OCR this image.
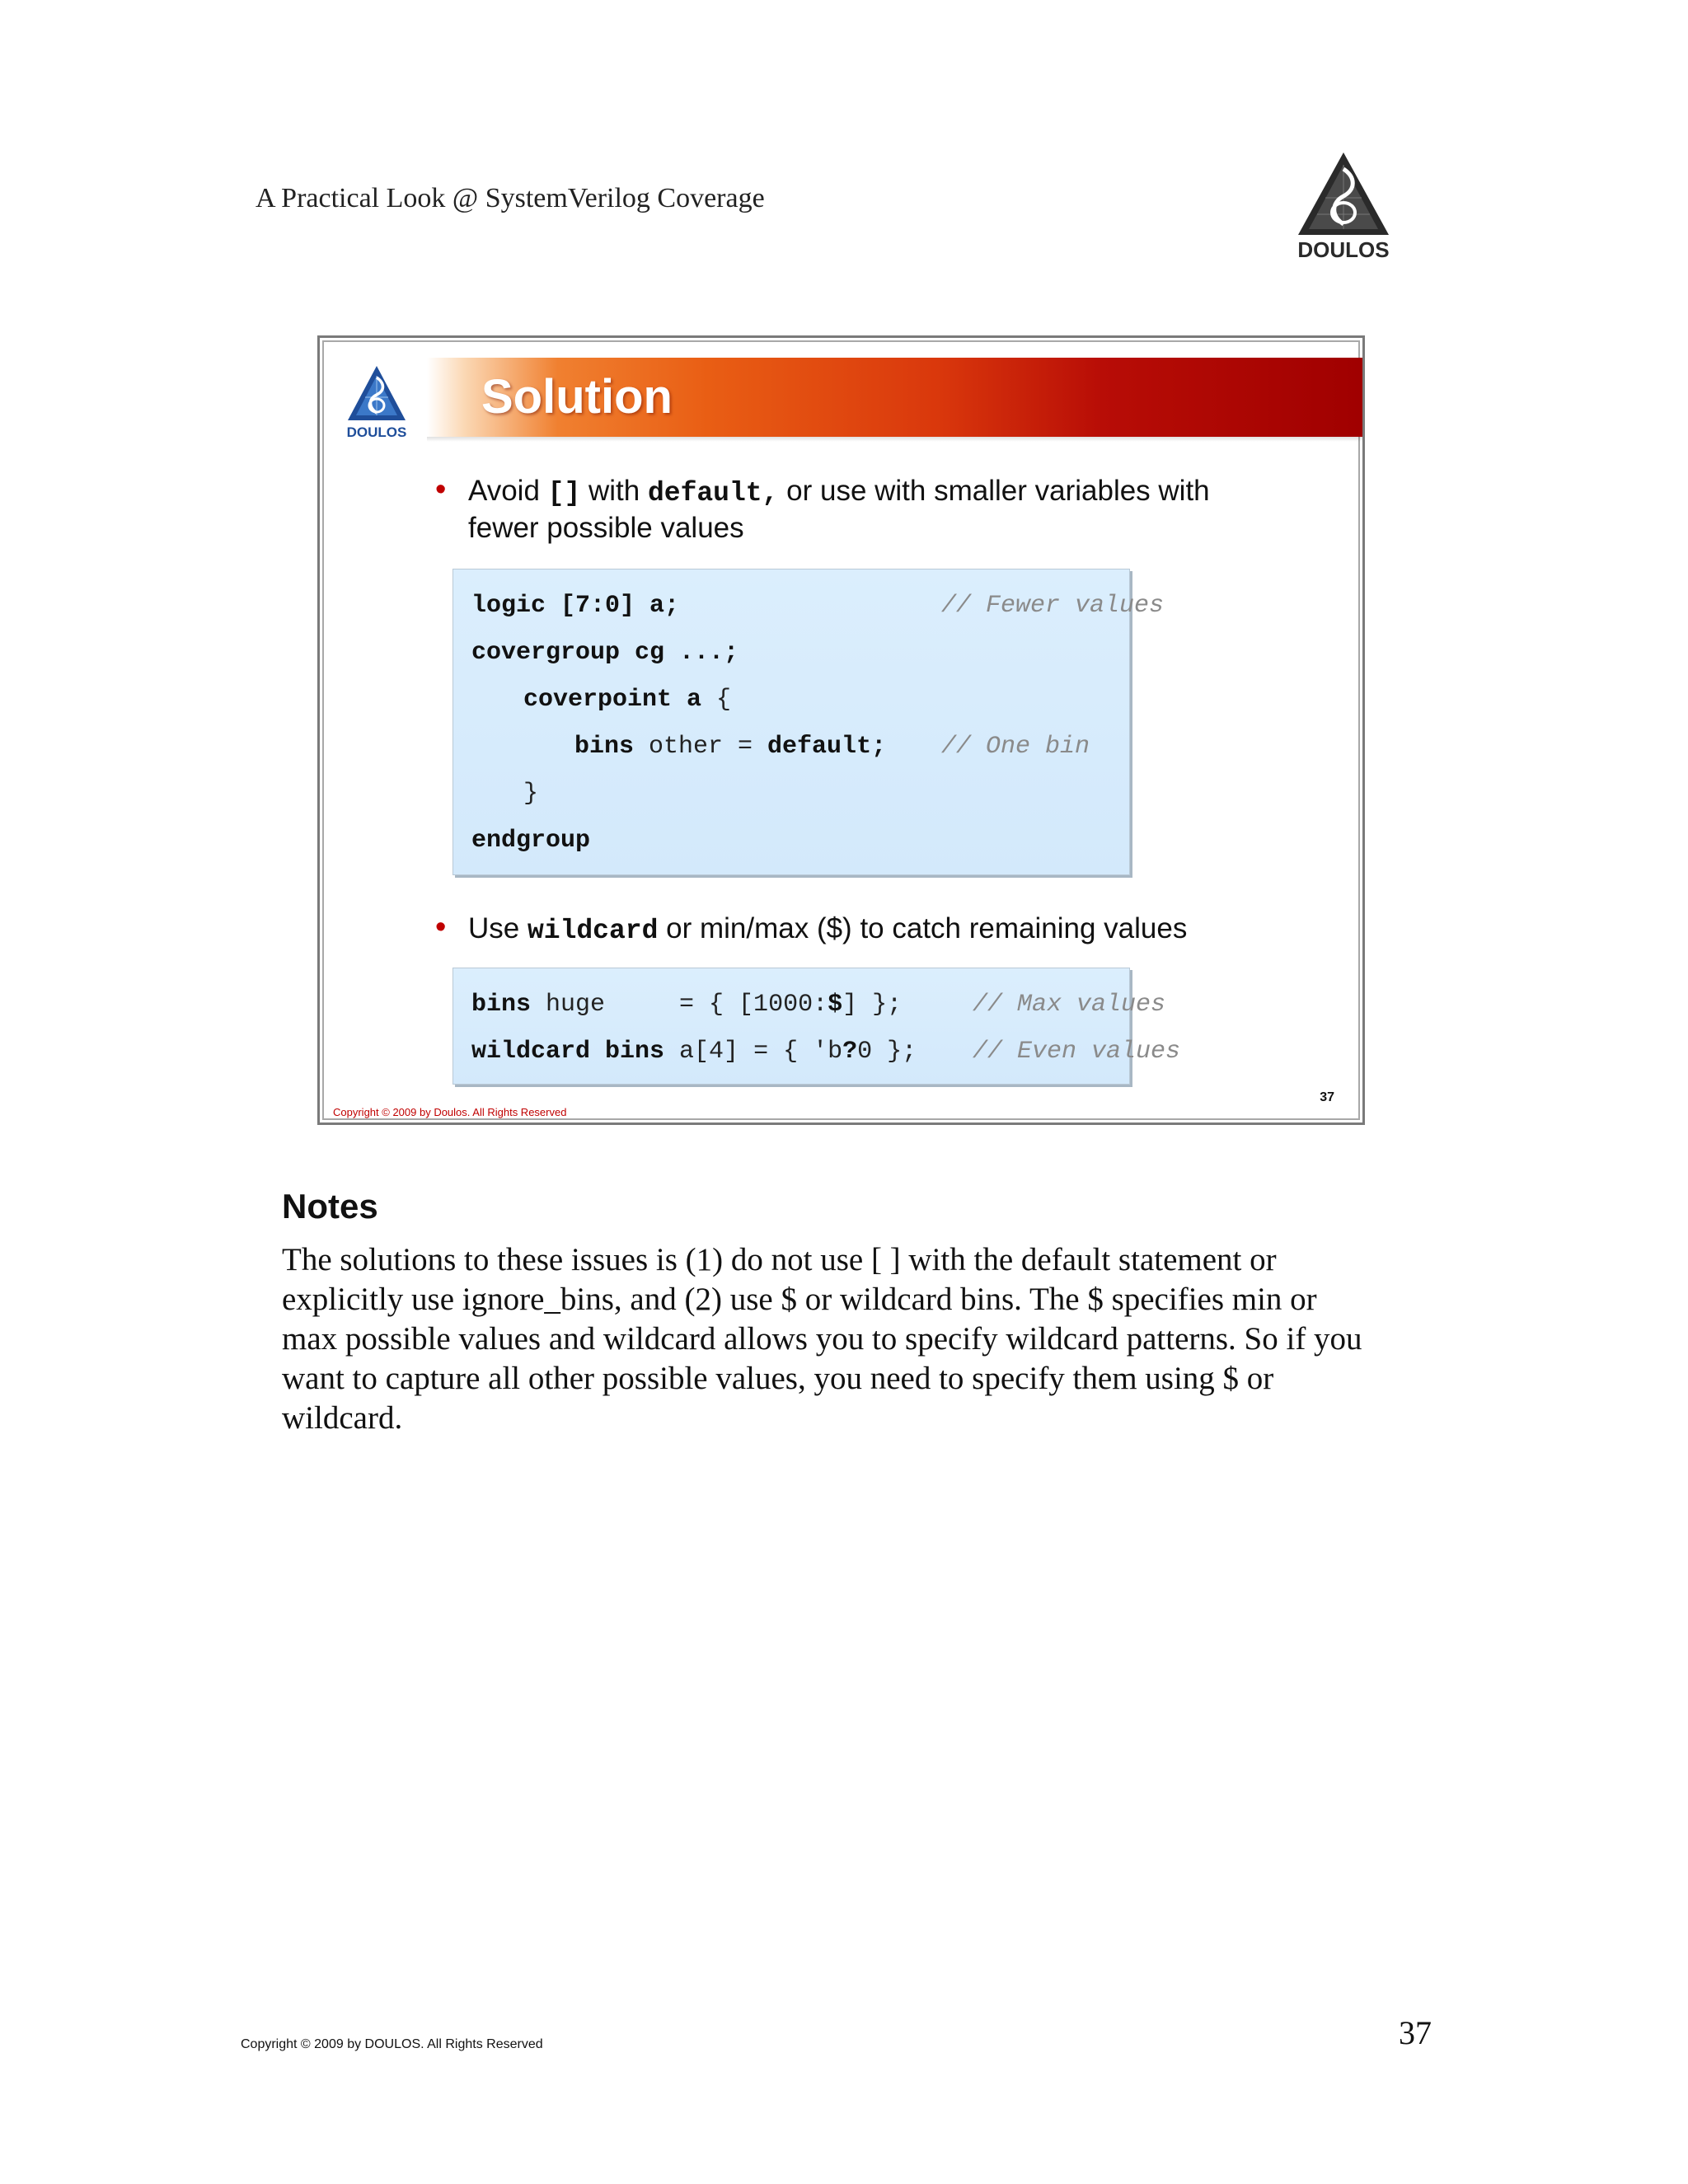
A Practical Look @ SystemVerilog Coverage
DOULOS
DOULOS
Solution
• Avoid [] with default, or use with smaller variables with
fewer possible values
logic [7:0] a;	// Fewer values
covergroup cg ...;
coverpoint a {
bins other = default; // One bin
}
endgroup
• Use wildcard or min/max ($) to catch remaining values
bins huge     = { [1000:$] };	// Max values
wildcard bins a[4] = { 'b?0 }; // Even values
37
Copyright © 2009 by Doulos. All Rights Reserved
Notes
The solutions to these issues is (1) do not use [ ] with the default statement or
explicitly use ignore_bins, and (2) use $ or wildcard bins. The $ specifies min or
max possible values and wildcard allows you to specify wildcard patterns. So if you
want to capture all other possible values, you need to specify them using $ or
wildcard.
Copyright © 2009 by DOULOS. All Rights Reserved	37
